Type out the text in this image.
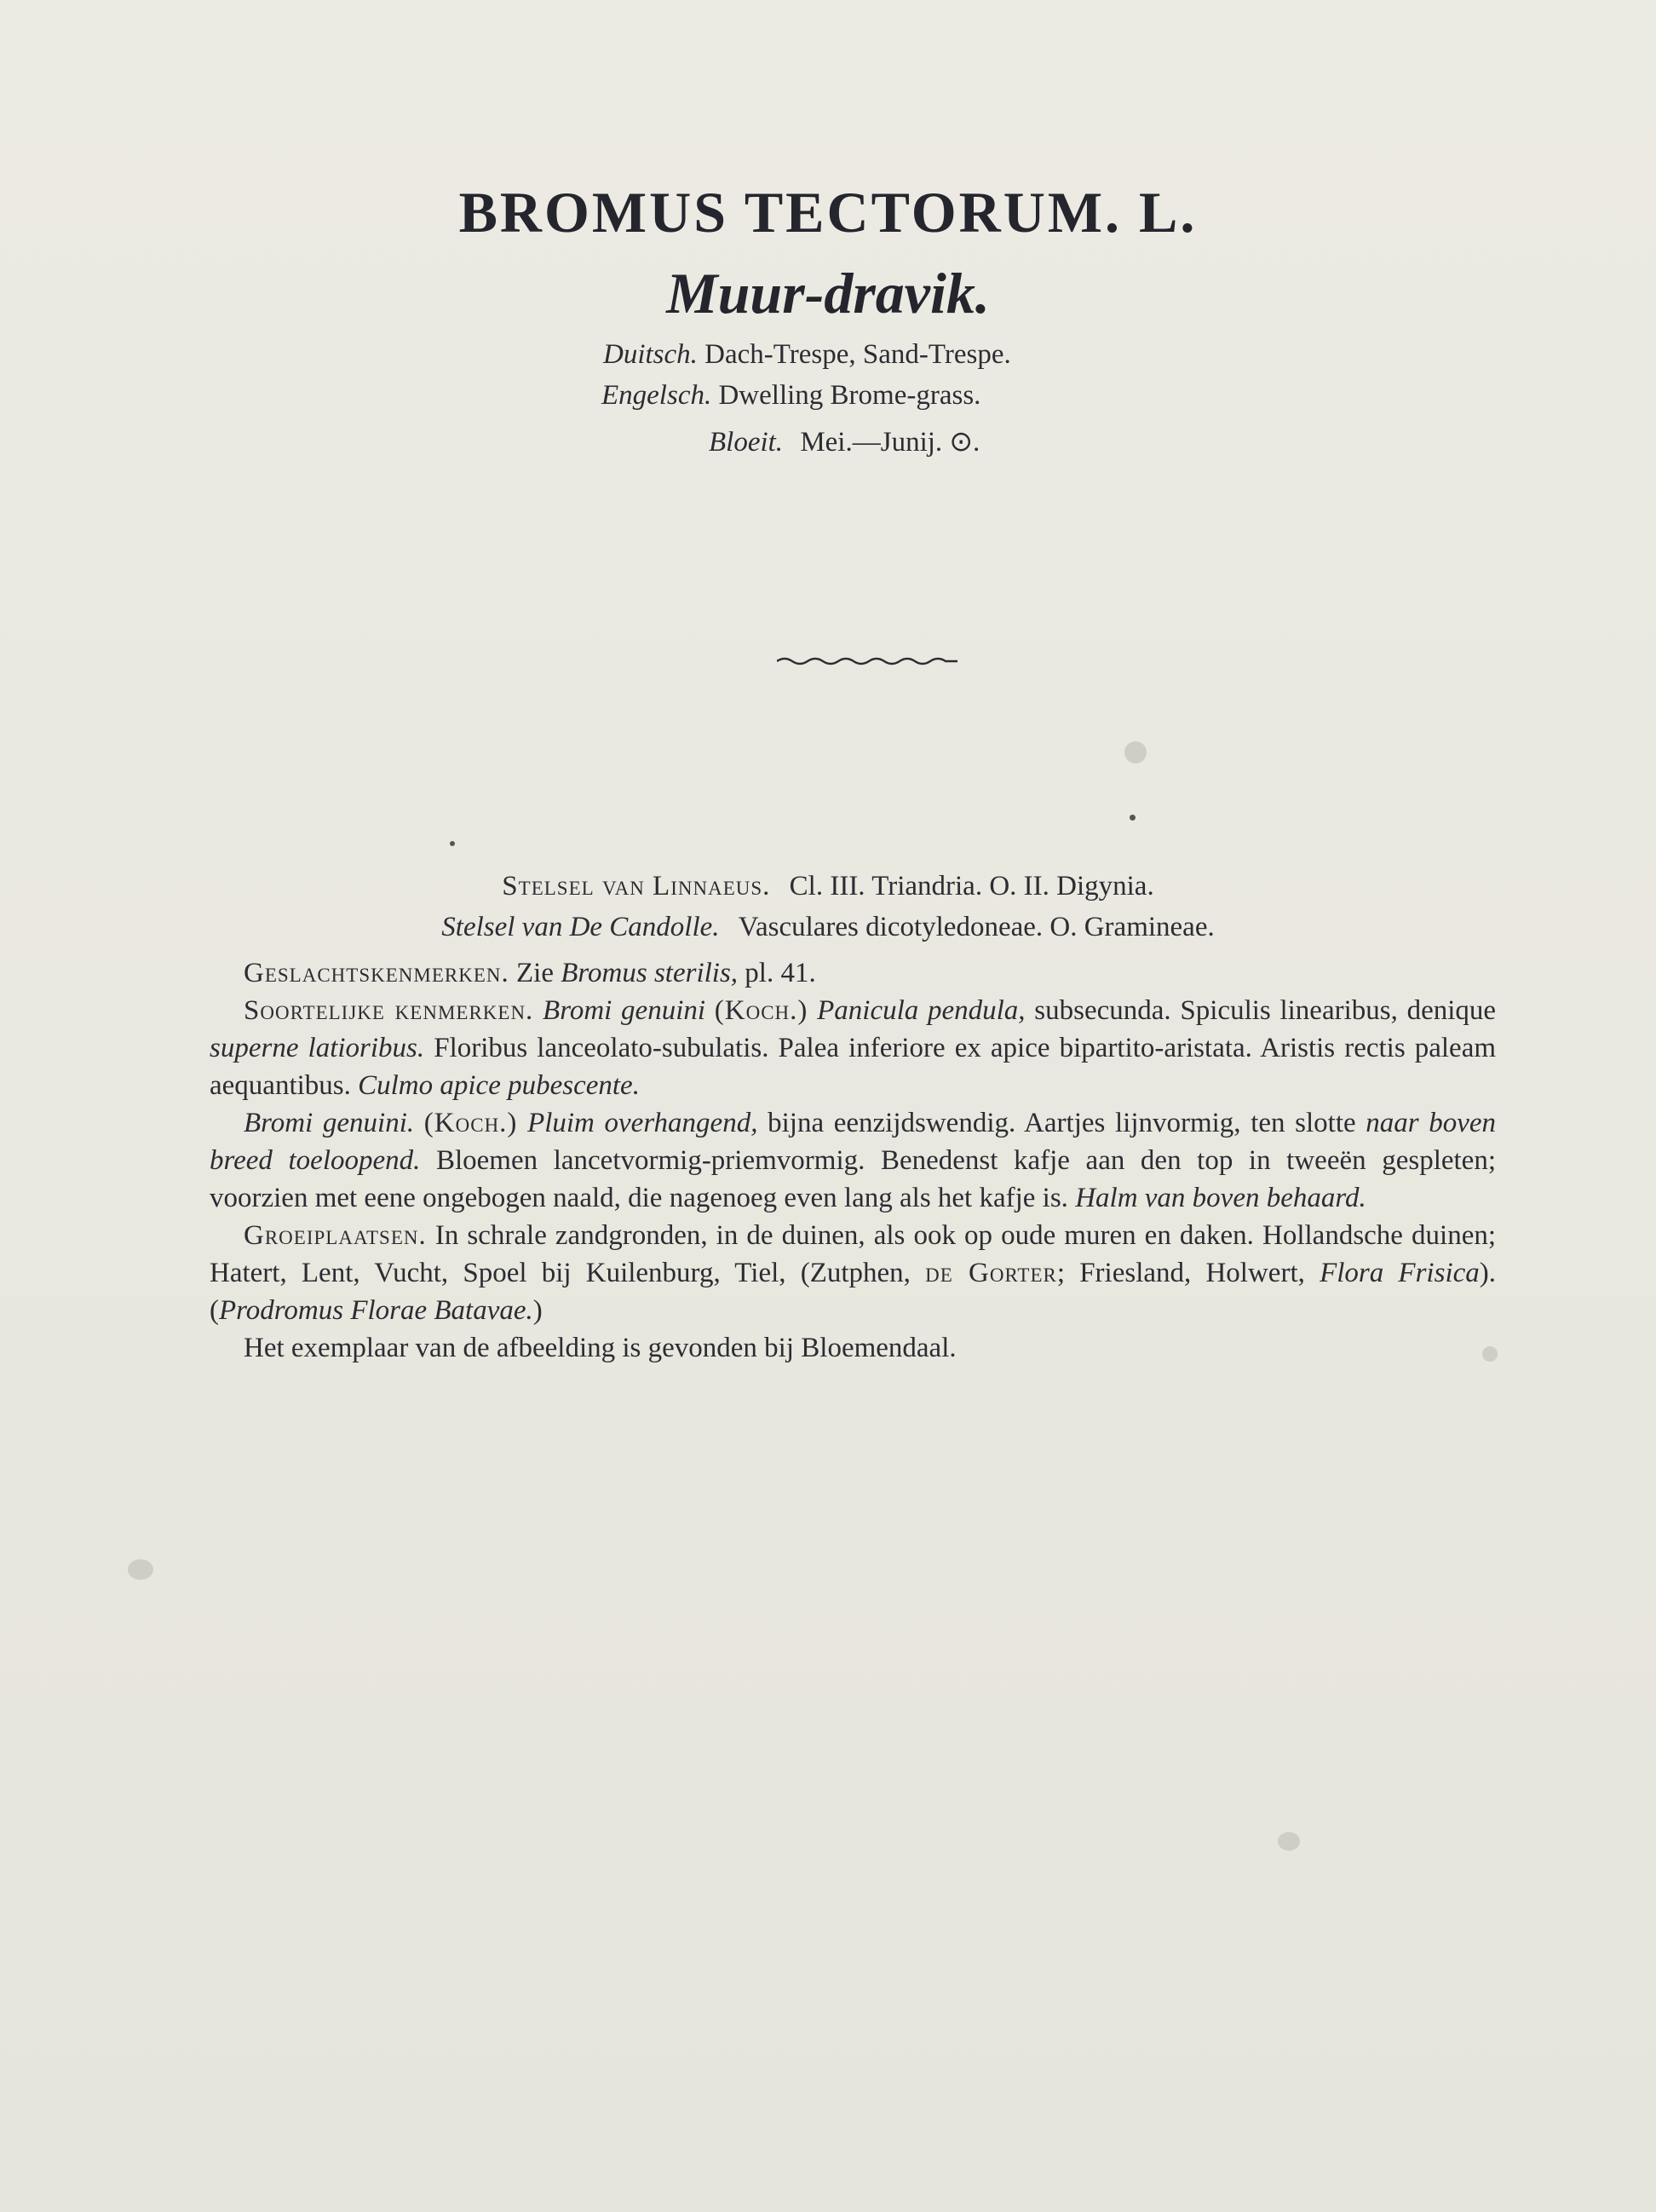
BROMUS TECTORUM. L.
Muur-dravik.
Duitsch. Dach-Trespe, Sand-Trespe.
Engelsch. Dwelling Brome-grass.
Bloeit. Mei.—Junij. ⊙.
Stelsel van Linnaeus. Cl. III. Triandria. O. II. Digynia.
Stelsel van De Candolle. Vasculares dicotyledoneae. O. Gramineae.

Geslachtskenmerken. Zie Bromus sterilis, pl. 41.

Soortelijke kenmerken. Bromi genuini (Koch.) Panicula pendula, subsecunda. Spiculis linearibus, denique superne latioribus. Floribus lanceolato-subulatis. Palea inferiore ex apice bipartito-aristata. Aristis rectis paleam aequantibus. Culmo apice pubescente.

Bromi genuini. (Koch.) Pluim overhangend, bijna eenzijdswendig. Aartjes lijnvormig, ten slotte naar boven breed toeloopend. Bloemen lancetvormig-priemvormig. Benedenst kafje aan den top in tweeën gespleten; voorzien met eene ongebogen naald, die nagenoeg even lang als het kafje is. Halm van boven behaard.

Groeiplaatsen. In schrale zandgronden, in de duinen, als ook op oude muren en daken. Hollandsche duinen; Hatert, Lent, Vucht, Spoel bij Kuilenburg, Tiel, (Zutphen, de Gorter; Friesland, Holwert, Flora Frisica). (Prodromus Florae Batavae.)

Het exemplaar van de afbeelding is gevonden bij Bloemendaal.
